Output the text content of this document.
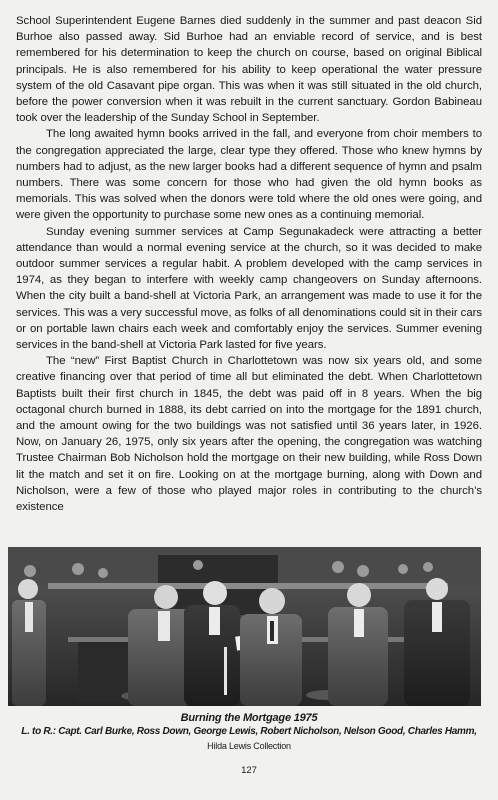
School Superintendent Eugene Barnes died suddenly in the summer and past deacon Sid Burhoe also passed away. Sid Burhoe had an enviable record of service, and is best remembered for his determination to keep the church on course, based on original Biblical principals. He is also remembered for his ability to keep operational the water pressure system of the old Casavant pipe organ. This was when it was still situated in the old church, before the power conversion when it was rebuilt in the current sanctuary. Gordon Babineau took over the leadership of the Sunday School in September.

The long awaited hymn books arrived in the fall, and everyone from choir members to the congregation appreciated the large, clear type they offered. Those who knew hymns by numbers had to adjust, as the new larger books had a different sequence of hymn and psalm numbers. There was some concern for those who had given the old hymn books as memorials. This was solved when the donors were told where the old ones were going, and were given the opportunity to purchase some new ones as a continuing memorial.

Sunday evening summer services at Camp Segunakadeck were attracting a better attendance than would a normal evening service at the church, so it was decided to make outdoor summer services a regular habit. A problem developed with the camp services in 1974, as they began to interfere with weekly camp changeovers on Sunday afternoons. When the city built a band-shell at Victoria Park, an arrangement was made to use it for the services. This was a very successful move, as folks of all denominations could sit in their cars or on portable lawn chairs each week and comfortably enjoy the services. Summer evening services in the band-shell at Victoria Park lasted for five years.

The “new” First Baptist Church in Charlottetown was now six years old, and some creative financing over that period of time all but eliminated the debt. When Charlottetown Baptists built their first church in 1845, the debt was paid off in 8 years. When the big octagonal church burned in 1888, its debt carried on into the mortgage for the 1891 church, and the amount owing for the two buildings was not satisfied until 36 years later, in 1926. Now, on January 26, 1975, only six years after the opening, the congregation was watching Trustee Chairman Bob Nicholson hold the mortgage on their new building, while Ross Down lit the match and set it on fire. Looking on at the mortgage burning, along with Down and Nicholson, were a few of those who played major roles in contributing to the church’s existence

Burning the Mortgage 1975
L. to R.: Capt. Carl Burke, Ross Down, George Lewis, Robert Nicholson, Nelson Good, Charles Hamm,
Hilda Lewis Collection
127
